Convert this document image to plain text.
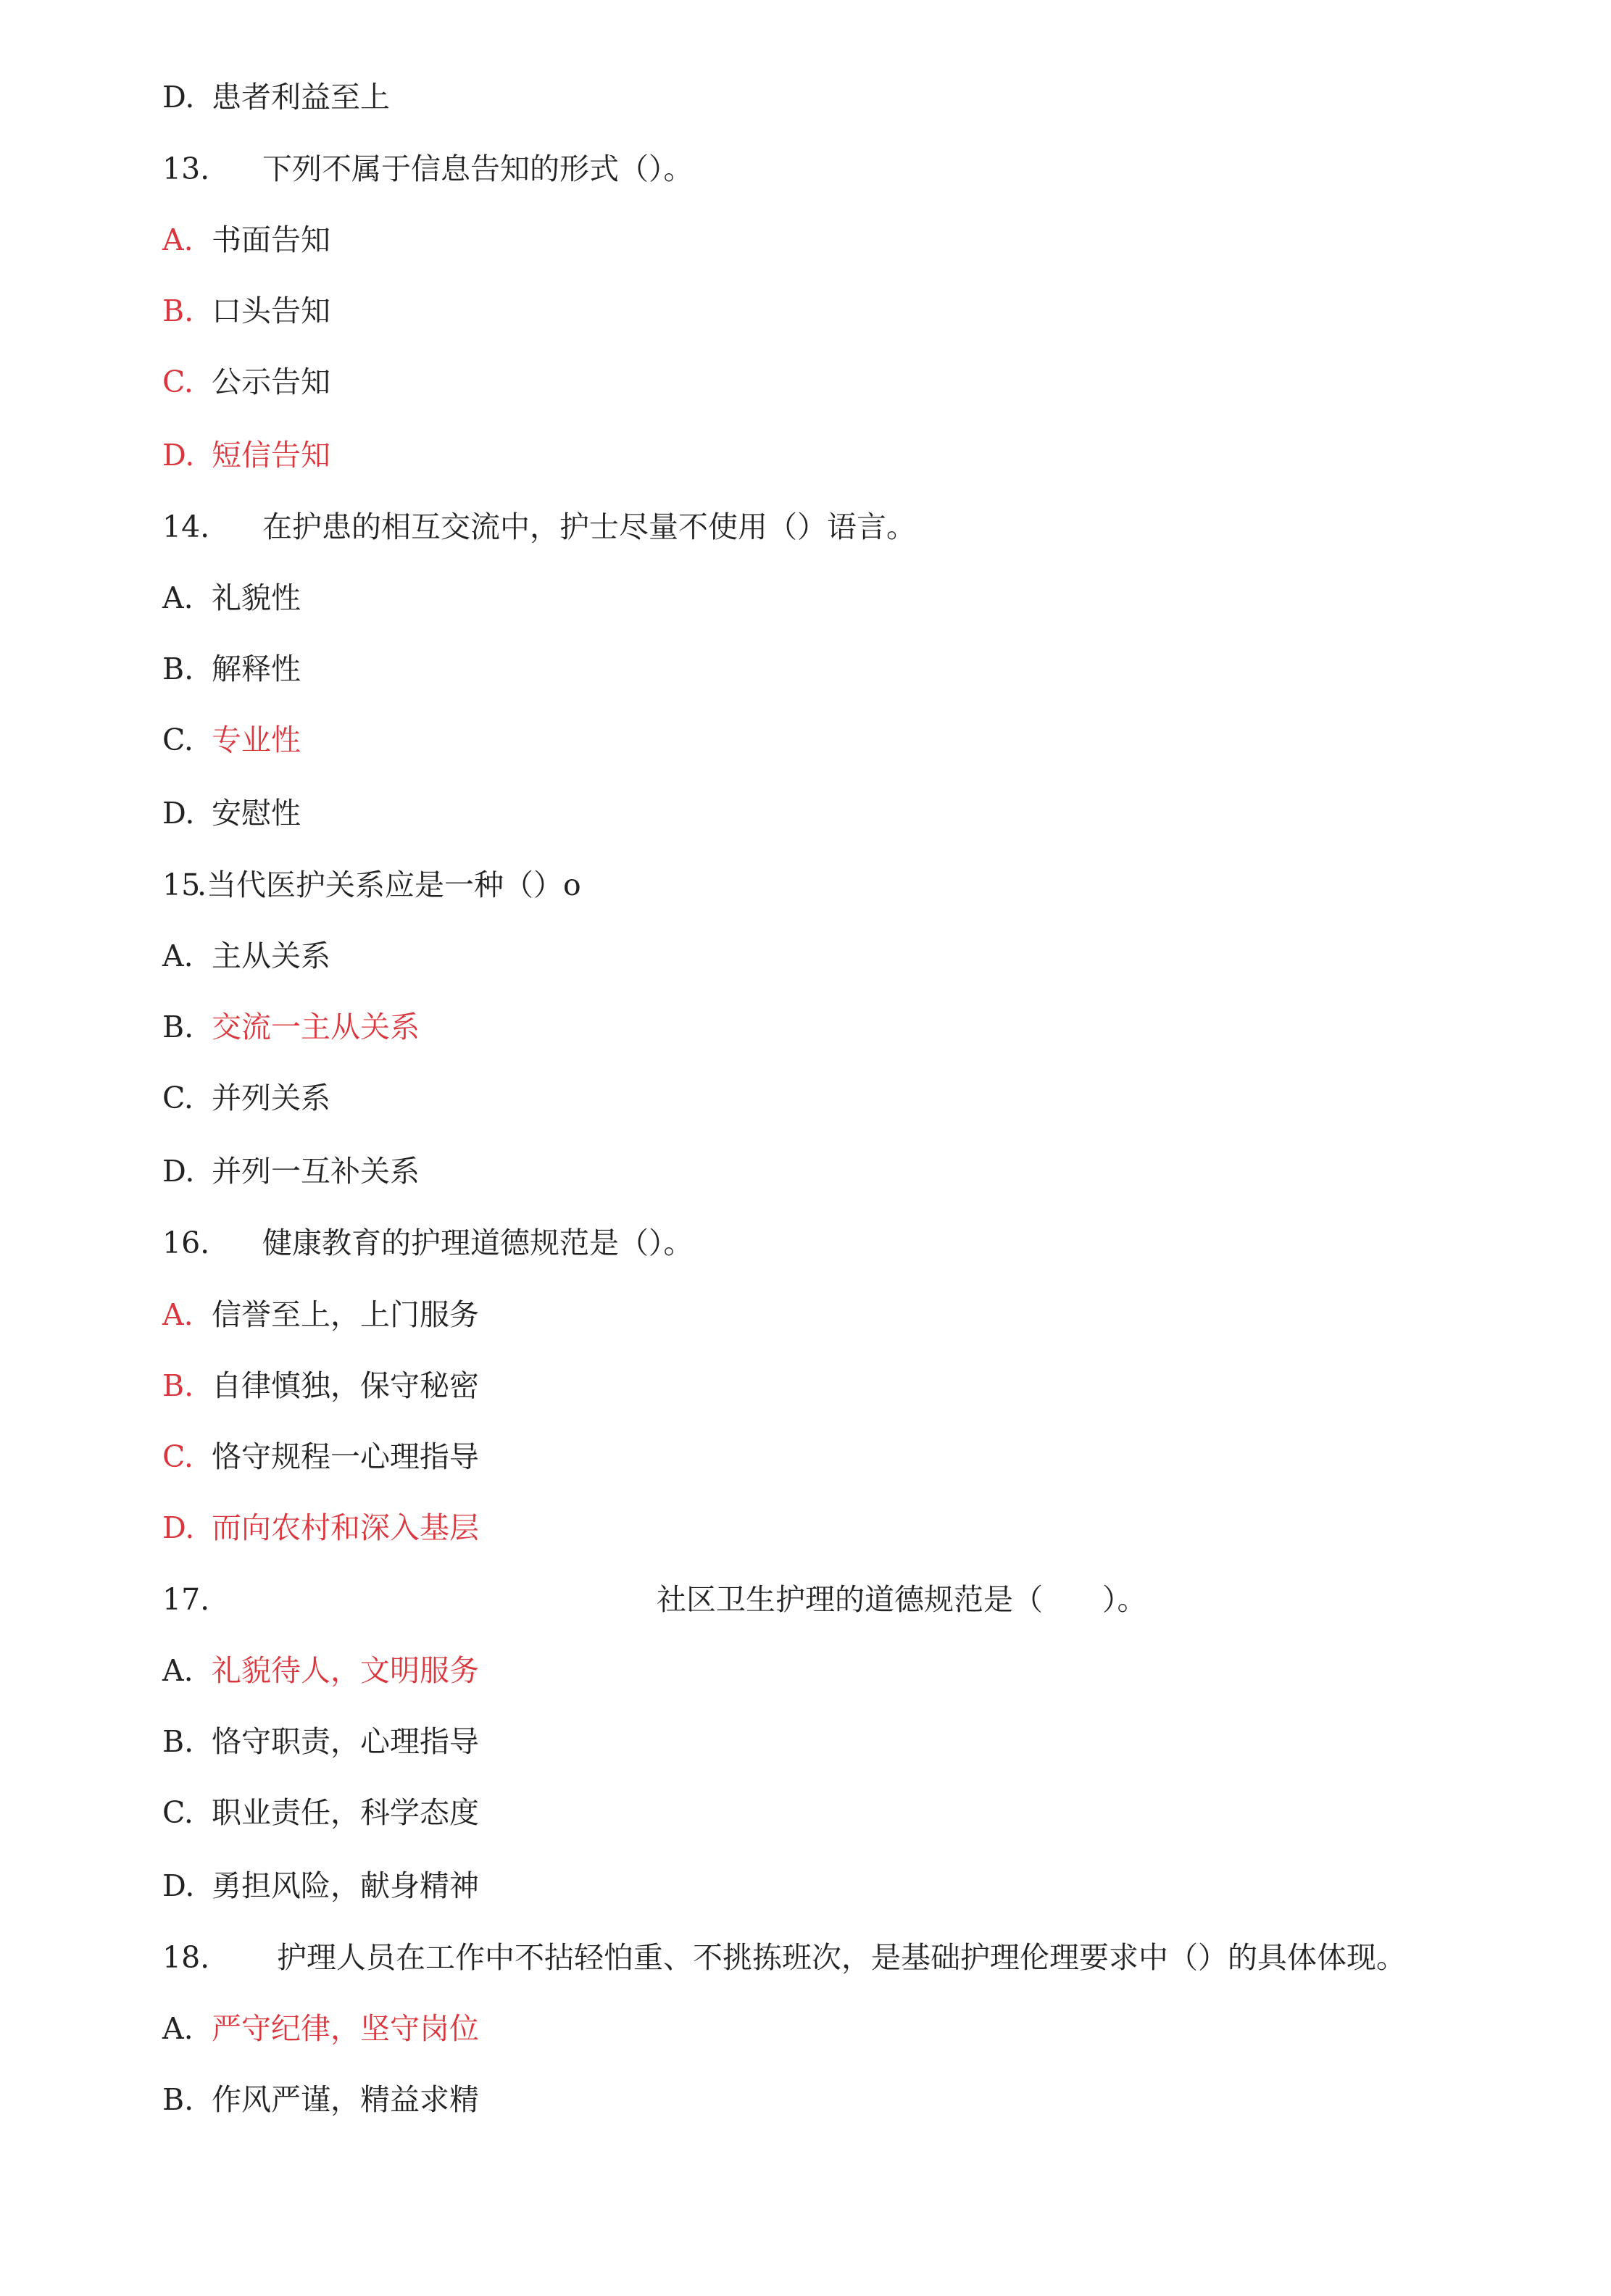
D. 患者利益至上
13. 下列不属于信息告知的形式（）。
A. 书面告知
B. 口头告知
C. 公示告知
D. 短信告知
14. 在护患的相互交流中，护士尽量不使用（）语言。
A. 礼貌性
B. 解释性
C. 专业性
D. 安慰性
15.当代医护关系应是一种（）o
A. 主从关系
B. 交流一主从关系
C. 并列关系
D. 并列一互补关系
16. 健康教育的护理道德规范是（）。
A. 信誉至上，上门服务
B. 自律慎独，保守秘密
C. 恪守规程一心理指导
D. 而向农村和深入基层
17.	社区卫生护理的道德规范是（　　）。
A. 礼貌待人，文明服务
B. 恪守职责，心理指导
C. 职业责任，科学态度
D. 勇担风险，献身精神
18. 护理人员在工作中不拈轻怕重、不挑拣班次，是基础护理伦理要求中（）的具体体现。
A. 严守纪律，坚守岗位
B. 作风严谨，精益求精
